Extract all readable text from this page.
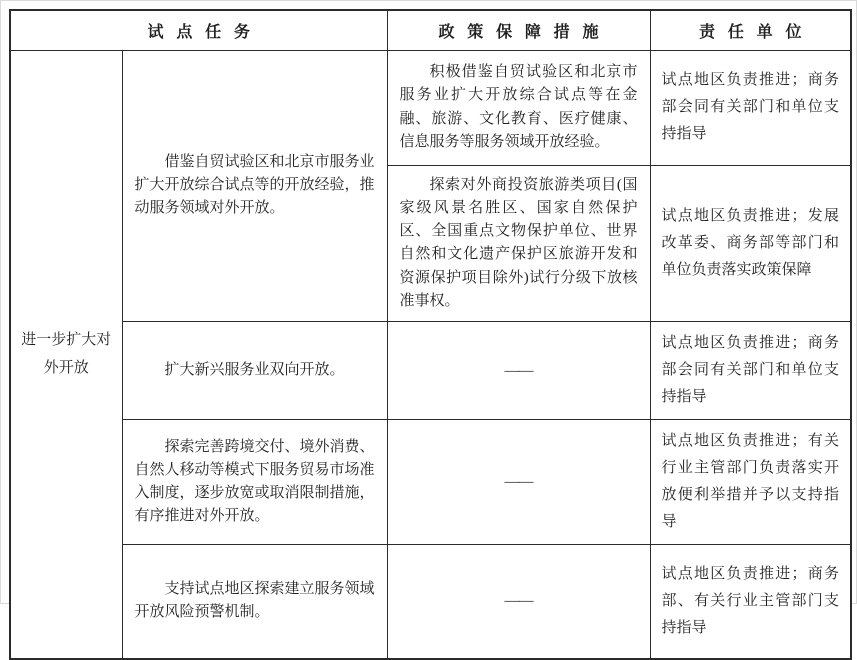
试点任务		政策保障措施	责任单位
进一步扩大对外开放	借鉴自贸试验区和北京市服务业扩大开放综合试点等的开放经验，推动服务领域对外开放。	积极借鉴自贸试验区和北京市服务业扩大开放综合试点等在金融、旅游、文化教育、医疗健康、信息服务等服务领域开放经验。	试点地区负责推进；商务部会同有关部门和单位支持指导

		探索对外商投资旅游类项目(国家级风景名胜区、国家自然保护区、全国重点文物保护单位、世界自然和文化遗产保护区旅游开发和资源保护项目除外)试行分级下放核准事权。	试点地区负责推进；发展改革委、商务部等部门和单位负责落实政策保障

	扩大新兴服务业双向开放。	——	试点地区负责推进；商务部会同有关部门和单位支持指导

	探索完善跨境交付、境外消费、自然人移动等模式下服务贸易市场准入制度，逐步放宽或取消限制措施，有序推进对外开放。	——	试点地区负责推进；有关行业主管部门负责落实开放便利举措并予以支持指导

	支持试点地区探索建立服务领域开放风险预警机制。	——	试点地区负责推进；商务部、有关行业主管部门支持指导
